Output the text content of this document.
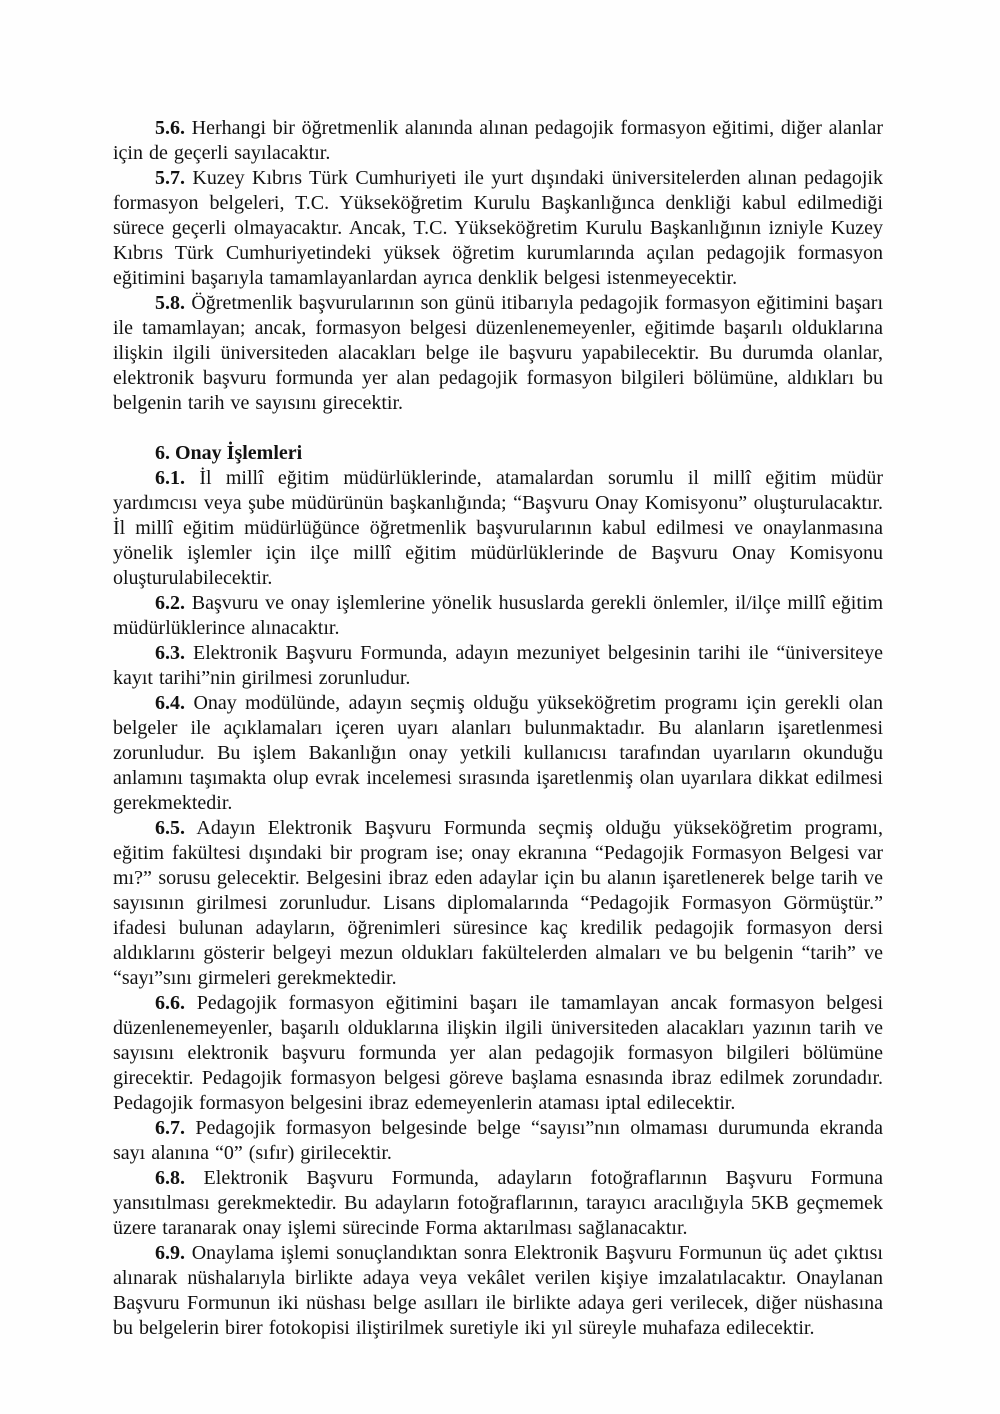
5.6. Herhangi bir öğretmenlik alanında alınan pedagojik formasyon eğitimi, diğer alanlar için de geçerli sayılacaktır.

5.7. Kuzey Kıbrıs Türk Cumhuriyeti ile yurt dışındaki üniversitelerden alınan pedagojik formasyon belgeleri, T.C. Yükseköğretim Kurulu Başkanlığınca denkliği kabul edilmediği sürece geçerli olmayacaktır. Ancak, T.C. Yükseköğretim Kurulu Başkanlığının izniyle Kuzey Kıbrıs Türk Cumhuriyetindeki yüksek öğretim kurumlarında açılan pedagojik formasyon eğitimini başarıyla tamamlayanlardan ayrıca denklik belgesi istenmeyecektir.

5.8. Öğretmenlik başvurularının son günü itibarıyla pedagojik formasyon eğitimini başarı ile tamamlayan; ancak, formasyon belgesi düzenlenemeyenler, eğitimde başarılı olduklarına ilişkin ilgili üniversiteden alacakları belge ile başvuru yapabilecektir. Bu durumda olanlar, elektronik başvuru formunda yer alan pedagojik formasyon bilgileri bölümüne, aldıkları bu belgenin tarih ve sayısını girecektir.

6. Onay İşlemleri

6.1. İl millî eğitim müdürlüklerinde, atamalardan sorumlu il millî eğitim müdür yardımcısı veya şube müdürünün başkanlığında; “Başvuru Onay Komisyonu” oluşturulacaktır. İl millî eğitim müdürlüğünce öğretmenlik başvurularının kabul edilmesi ve onaylanmasına yönelik işlemler için ilçe millî eğitim müdürlüklerinde de Başvuru Onay Komisyonu oluşturulabilecektir.

6.2. Başvuru ve onay işlemlerine yönelik hususlarda gerekli önlemler, il/ilçe millî eğitim müdürlüklerince alınacaktır.

6.3. Elektronik Başvuru Formunda, adayın mezuniyet belgesinin tarihi ile “üniversiteye kayıt tarihi”nin girilmesi zorunludur.

6.4. Onay modülünde, adayın seçmiş olduğu yükseköğretim programı için gerekli olan belgeler ile açıklamaları içeren uyarı alanları bulunmaktadır. Bu alanların işaretlenmesi zorunludur. Bu işlem Bakanlığın onay yetkili kullanıcısı tarafından uyarıların okunduğu anlamını taşımakta olup evrak incelemesi sırasında işaretlenmiş olan uyarılara dikkat edilmesi gerekmektedir.

6.5. Adayın Elektronik Başvuru Formunda seçmiş olduğu yükseköğretim programı, eğitim fakültesi dışındaki bir program ise; onay ekranına “Pedagojik Formasyon Belgesi var mı?” sorusu gelecektir. Belgesini ibraz eden adaylar için bu alanın işaretlenerek belge tarih ve sayısının girilmesi zorunludur. Lisans diplomalarında “Pedagojik Formasyon Görmüştür.” ifadesi bulunan adayların, öğrenimleri süresince kaç kredilik pedagojik formasyon dersi aldıklarını gösterir belgeyi mezun oldukları fakültelerden almaları ve bu belgenin “tarih” ve “sayı”sını girmeleri gerekmektedir.

6.6. Pedagojik formasyon eğitimini başarı ile tamamlayan ancak formasyon belgesi düzenlenemeyenler, başarılı olduklarına ilişkin ilgili üniversiteden alacakları yazının tarih ve sayısını elektronik başvuru formunda yer alan pedagojik formasyon bilgileri bölümüne girecektir. Pedagojik formasyon belgesi göreve başlama esnasında ibraz edilmek zorundadır. Pedagojik formasyon belgesini ibraz edemeyenlerin ataması iptal edilecektir.

6.7. Pedagojik formasyon belgesinde belge “sayısı”nın olmaması durumunda ekranda sayı alanına “0” (sıfır) girilecektir.

6.8. Elektronik Başvuru Formunda, adayların fotoğraflarının Başvuru Formuna yansıtılması gerekmektedir. Bu adayların fotoğraflarının, tarayıcı aracılığıyla 5KB geçmemek üzere taranarak onay işlemi sürecinde Forma aktarılması sağlanacaktır.

6.9. Onaylama işlemi sonuçlandıktan sonra Elektronik Başvuru Formunun üç adet çıktısı alınarak nüshalarıyla birlikte adaya veya vekâlet verilen kişiye imzalatılacaktır. Onaylanan Başvuru Formunun iki nüshası belge asılları ile birlikte adaya geri verilecek, diğer nüshasına bu belgelerin birer fotokopisi iliştirilmek suretiyle iki yıl süreyle muhafaza edilecektir.
